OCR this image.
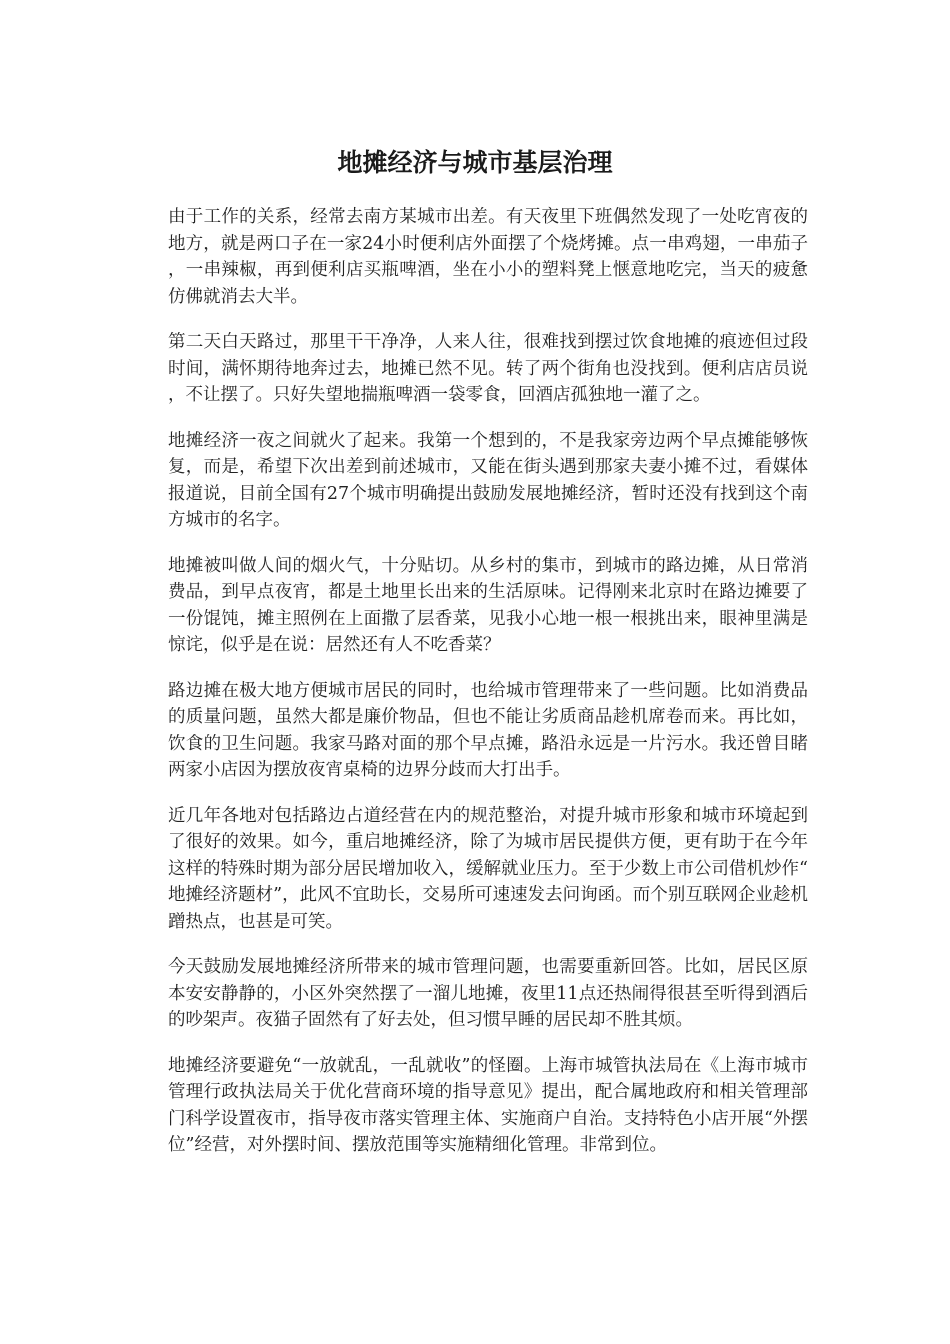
地摊经济与城市基层治理

由于工作的关系，经常去南方某城市出差。有天夜里下班偶然发现了一处吃宵夜的地方，就是两口子在一家24小时便利店外面摆了个烧烤摊。点一串鸡翅，一串茄子，一串辣椒，再到便利店买瓶啤酒，坐在小小的塑料凳上惬意地吃完，当天的疲惫仿佛就消去大半。

第二天白天路过，那里干干净净，人来人往，很难找到摆过饮食地摊的痕迹但过段时间，满怀期待地奔过去，地摊已然不见。转了两个街角也没找到。便利店店员说，不让摆了。只好失望地揣瓶啤酒一袋零食，回酒店孤独地一灌了之。

地摊经济一夜之间就火了起来。我第一个想到的，不是我家旁边两个早点摊能够恢复，而是，希望下次出差到前述城市，又能在街头遇到那家夫妻小摊不过，看媒体报道说，目前全国有27个城市明确提出鼓励发展地摊经济，暂时还没有找到这个南方城市的名字。

地摊被叫做人间的烟火气，十分贴切。从乡村的集市，到城市的路边摊，从日常消费品，到早点夜宵，都是土地里长出来的生活原味。记得刚来北京时在路边摊要了一份馄饨，摊主照例在上面撒了层香菜，见我小心地一根一根挑出来，眼神里满是惊诧，似乎是在说：居然还有人不吃香菜？

路边摊在极大地方便城市居民的同时，也给城市管理带来了一些问题。比如消费品的质量问题，虽然大都是廉价物品，但也不能让劣质商品趁机席卷而来。再比如，饮食的卫生问题。我家马路对面的那个早点摊，路沿永远是一片污水。我还曾目睹两家小店因为摆放夜宵桌椅的边界分歧而大打出手。

近几年各地对包括路边占道经营在内的规范整治，对提升城市形象和城市环境起到了很好的效果。如今，重启地摊经济，除了为城市居民提供方便，更有助于在今年这样的特殊时期为部分居民增加收入，缓解就业压力。至于少数上市公司借机炒作“地摊经济题材”，此风不宜助长，交易所可速速发去问询函。而个别互联网企业趁机蹭热点，也甚是可笑。

今天鼓励发展地摊经济所带来的城市管理问题，也需要重新回答。比如，居民区原本安安静静的，小区外突然摆了一溜儿地摊，夜里11点还热闹得很甚至听得到酒后的吵架声。夜猫子固然有了好去处，但习惯早睡的居民却不胜其烦。

地摊经济要避免“一放就乱，一乱就收”的怪圈。上海市城管执法局在《上海市城市管理行政执法局关于优化营商环境的指导意见》提出，配合属地政府和相关管理部门科学设置夜市，指导夜市落实管理主体、实施商户自治。支持特色小店开展“外摆位”经营，对外摆时间、摆放范围等实施精细化管理。非常到位。
